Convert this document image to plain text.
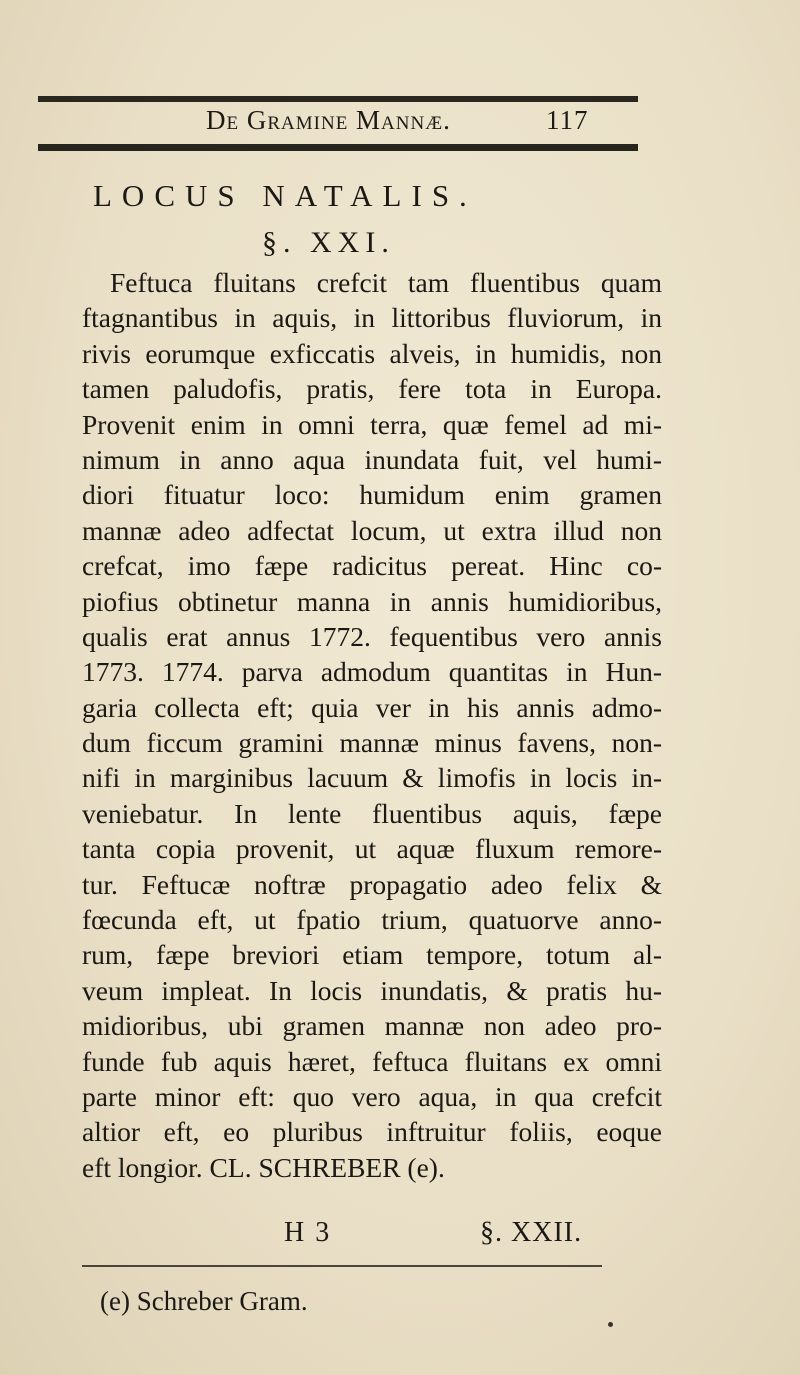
De Gramine Mannæ.	117
LOCUS NATALIS.
§. XXI.
Feftuca fluitans crefcit tam fluentibus quam
ftagnantibus in aquis, in littoribus fluviorum, in
rivis eorumque exficcatis alveis, in humidis, non
tamen paludofis, pratis, fere tota in Europa.
Provenit enim in omni terra, quæ femel ad mi-
nimum in anno aqua inundata fuit, vel humi-
diori fituatur loco: humidum enim gramen
mannæ adeo adfectat locum, ut extra illud non
crefcat, imo fæpe radicitus pereat. Hinc co-
piofius obtinetur manna in annis humidioribus,
qualis erat annus 1772. fequentibus vero annis
1773. 1774. parva admodum quantitas in Hun-
garia collecta eft; quia ver in his annis admo-
dum ficcum gramini mannæ minus favens, non-
nifi in marginibus lacuum & limofis in locis in-
veniebatur. In lente fluentibus aquis, fæpe
tanta copia provenit, ut aquæ fluxum remore-
tur. Feftucæ noftræ propagatio adeo felix &
fœcunda eft, ut fpatio trium, quatuorve anno-
rum, fæpe breviori etiam tempore, totum al-
veum impleat. In locis inundatis, & pratis hu-
midioribus, ubi gramen mannæ non adeo pro-
funde fub aquis hæret, feftuca fluitans ex omni
parte minor eft: quo vero aqua, in qua crefcit
altior eft, eo pluribus inftruitur foliis, eoque
eft longior. CL. SCHREBER (e).
H 3	§. XXII.
(e) Schreber Gram.
